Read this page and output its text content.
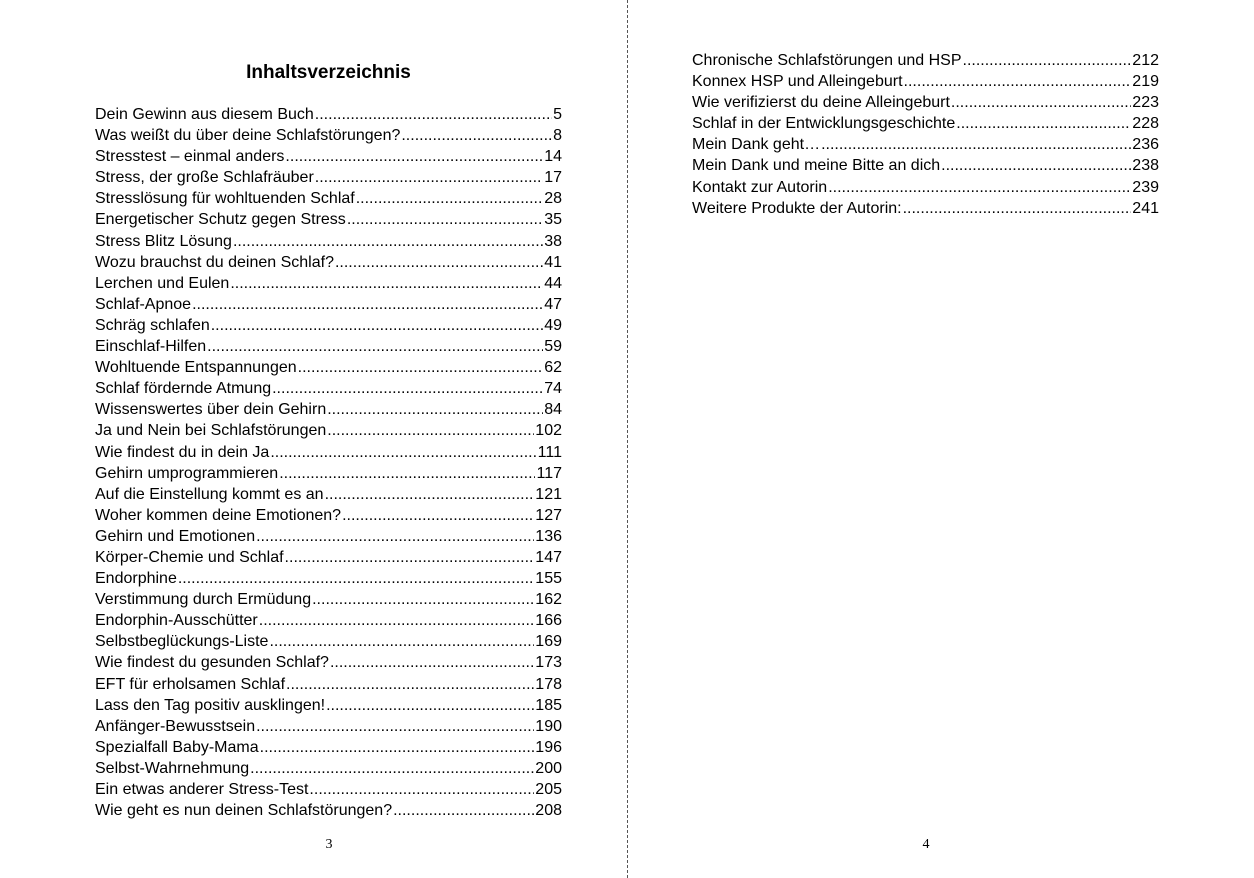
Inhaltsverzeichnis
Dein Gewinn aus diesem Buch .....	5
Was weißt du über deine Schlafstörungen? .....	8
Stresstest – einmal anders .....	14
Stress, der große Schlafräuber .....	17
Stresslösung für wohltuenden Schlaf .....	28
Energetischer Schutz gegen Stress .....	35
Stress Blitz Lösung .....	38
Wozu brauchst du deinen Schlaf? .....	41
Lerchen und Eulen .....	44
Schlaf-Apnoe .....	47
Schräg schlafen .....	49
Einschlaf-Hilfen .....	59
Wohltuende Entspannungen .....	62
Schlaf fördernde Atmung .....	74
Wissenswertes über dein Gehirn .....	84
Ja und Nein bei Schlafstörungen .....	102
Wie findest du in dein Ja .....	111
Gehirn umprogrammieren .....	117
Auf die Einstellung kommt es an .....	121
Woher kommen deine Emotionen? .....	127
Gehirn und Emotionen .....	136
Körper-Chemie und Schlaf .....	147
Endorphine .....	155
Verstimmung durch Ermüdung .....	162
Endorphin-Ausschütter .....	166
Selbstbeglückungs-Liste .....	169
Wie findest du gesunden Schlaf? .....	173
EFT für erholsamen Schlaf .....	178
Lass den Tag positiv ausklingen! .....	185
Anfänger-Bewusstsein .....	190
Spezialfall Baby-Mama .....	196
Selbst-Wahrnehmung .....	200
Ein etwas anderer Stress-Test .....	205
Wie geht es nun deinen Schlafstörungen? .....	208
3
Chronische Schlafstörungen und HSP .....	212
Konnex HSP und Alleingeburt .....	219
Wie verifizierst du deine Alleingeburt .....	223
Schlaf in der Entwicklungsgeschichte .....	228
Mein Dank geht… .....	236
Mein Dank und meine Bitte an dich .....	238
Kontakt zur Autorin .....	239
Weitere Produkte der Autorin: .....	241
4
